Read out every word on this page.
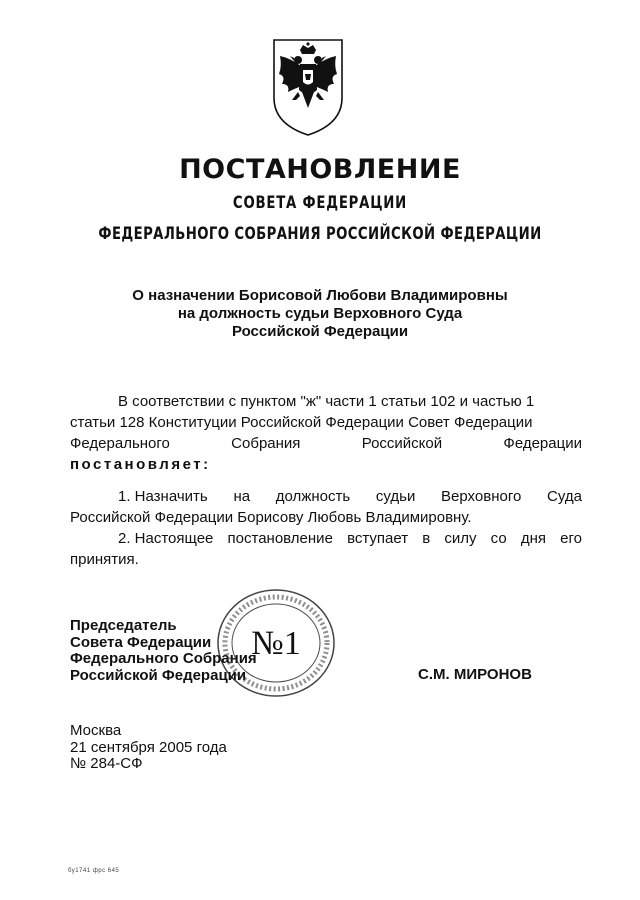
ПОСТАНОВЛЕНИЕ
СОВЕТА ФЕДЕРАЦИИ
ФЕДЕРАЛЬНОГО СОБРАНИЯ РОССИЙСКОЙ ФЕДЕРАЦИИ
О назначении Борисовой Любови Владимировны
на должность судьи Верховного Суда
Российской Федерации
В соответствии с пунктом "ж" части 1 статьи 102 и частью 1
статьи 128 Конституции Российской Федерации Совет Федерации
Федерального	Собрания	Российской	Федерации
постановляет:
1. Назначить на должность судьи Верховного Суда
Российской Федерации Борисову Любовь Владимировну.
2. Настоящее постановление вступает в силу со дня его
принятия.
Председатель
Совета Федерации
Федерального Собрания
Российской Федерации
№1
С.М. МИРОНОВ
Москва
21 сентября 2005 года
№ 284-СФ
бу1741 фрс 645
